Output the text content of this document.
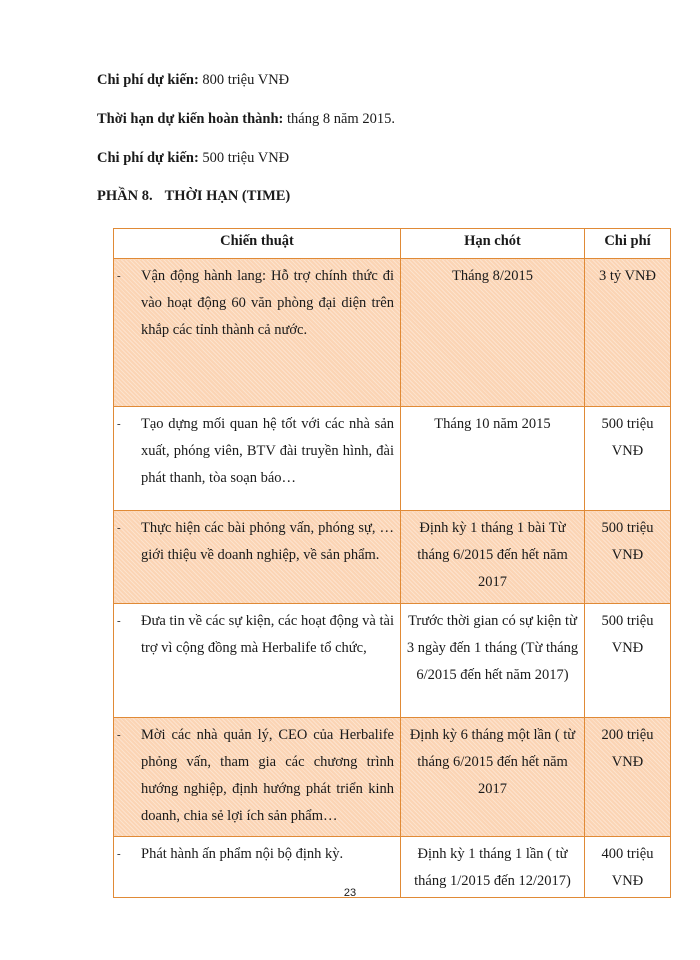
Chi phí dự kiến: 800 triệu VNĐ
Thời hạn dự kiến hoàn thành: tháng 8 năm 2015.
Chi phí dự kiến: 500 triệu VNĐ
PHẦN 8. THỜI HẠN (TIME)
Chiến thuật	Hạn chót	Chi phí

- Vận động hành lang: Hỗ trợ chính thức đi vào hoạt động 60 văn phòng đại diện trên khắp các tỉnh thành cả nước.	Tháng 8/2015	3 tỷ VNĐ

- Tạo dựng mối quan hệ tốt với các nhà sản xuất, phóng viên, BTV đài truyền hình, đài phát thanh, tòa soạn báo…	Tháng 10 năm 2015	500 triệu VNĐ

- Thực hiện các bài phỏng vấn, phóng sự, … giới thiệu về doanh nghiệp, về sản phẩm.	Định kỳ 1 tháng 1 bài Từ tháng 6/2015 đến hết năm 2017	500 triệu VNĐ

- Đưa tin về các sự kiện, các hoạt động và tài trợ vì cộng đồng mà Herbalife tổ chức,	Trước thời gian có sự kiện từ 3 ngày đến 1 tháng (Từ tháng 6/2015 đến hết năm 2017)	500 triệu VNĐ

- Mời các nhà quản lý, CEO của Herbalife phỏng vấn, tham gia các chương trình hướng nghiệp, định hướng phát triển kinh doanh, chia sẻ lợi ích sản phẩm…	Định kỳ 6 tháng một lần ( từ tháng 6/2015 đến hết năm 2017	200 triệu VNĐ

- Phát hành ấn phẩm nội bộ định kỳ.	Định kỳ 1 tháng 1 lần ( từ tháng 1/2015 đến 12/2017)	400 triệu VNĐ
23
